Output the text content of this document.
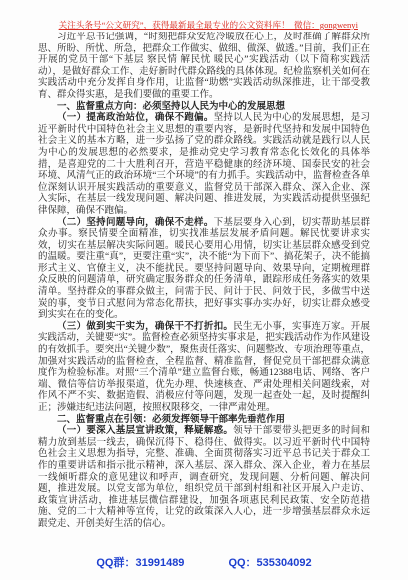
关注头条号“公文研究”，获得最新最全最专业的公文资料库！  微信：gongwenyi

习近平总书记强调，“时刻把群众安危冷暖放在心上，及时准确了解群众所思、所盼、所忧、所急，把群众工作做实、做细、做深、做透。”目前，我们正在开展的党员干部“下基层 察民情 解民忧 暖民心”实践活动（以下简称实践活动），是做好群众工作、走好新时代群众路线的具体体现。纪检监察机关如何在实践活动中充分发挥自身作用，让监督“助燃”实践活动纵深推进，让干部受教育、群众得实惠，是我们要做的重要工作。

一、监督重点方向：必须坚持以人民为中心的发展思想

（一）提高政治站位，确保不跑偏。坚持以人民为中心的发展思想，是习近平新时代中国特色社会主义思想的重要内容，是新时代坚持和发展中国特色社会主义的基本方略，进一步弘扬了党的群众路线。实践活动就是践行以人民为中心的发展思想的必然要求，是推动党史学习教育常态化长效化的具体举措，是喜迎党的二十大胜利召开，营造平稳健康的经济环境、国泰民安的社会环境、风清气正的政治环境“三个环境”的有力抓手。实践活动中，监督检查各单位深刻认识开展实践活动的重要意义，监督党员干部深入群众、深入企业、深入实际，在基层一线发现问题、解决问题、推进发展，为实践活动提供坚强纪律保障，确保不跑偏。

（二）坚持问题导向，确保不走样。下基层要身入心到，切实帮助基层群众办事。察民情要全面精准，切实找准基层发展矛盾问题。解民忧要讲求实效，切实在基层解决实际问题。暖民心要用心用情，切实让基层群众感受到党的温暖。要注重“真”，更要注重“实”，决不能“为下而下”、搞花架子，决不能搞形式主义、官僚主义，决不能扰民。要坚持问题导向、效果导向，定期梳理群众反映的问题清单，研究确定服务群众的任务清单，跟踪形成任务落实的效果清单。坚持群众的事群众做主，问需于民、问计于民、问效于民，多做雪中送炭的事，变节日式慰问为常态化帮扶，把好事实事办实办好，切实让群众感受到实实在在的变化。

（三）做到实干实为，确保干不打折扣。民生无小事，实事连万家。开展实践活动，关键要“实”。监督检查必须坚持实事求是，把实践活动作为作风建设的有效抓手。要突出“关键少数”，聚焦责任落实、问题整改、专项治理等重点，加强对实践活动的监督检查，全程监督、精准监督，督促党员干部把群众满意度作为检验标准。对照“三个清单”建立监督台账，畅通12388电话、网络、客户端、微信等信访举报渠道，优先办理、快速核查、严肃处理相关问题线索，对作风不严不实、数据造假、消极应付等问题，发现一起查处一起，及时提醒纠正；涉嫌违纪违法问题，按照权限移交，一律严肃处理。

二、监督重点在引领：必须发挥领导干部率先垂范作用

（一）要深入基层宣讲政策，释疑解惑。领导干部要带头把更多的时间和精力放到基层一线去，确保沉得下、稳得住、做得实。以习近平新时代中国特色社会主义思想为指导，完整、准确、全面贯彻落实习近平总书记关于群众工作的重要讲话和指示批示精神，深入基层、深入群众、深入企业，着力在基层一线倾听群众的意见建议和呼声，调查研究，发现问题、分析问题、解决问题，推进发展。以党支部为单位，组织党员干部到村组和社区开展入户走访、政策宣讲活动，推进基层微信群建设，加强各项惠民利民政策、安全防范措施、党的二十大精神等宣传，让党的政策深入人心，进一步增强基层群众永远跟党走、开创美好生活的信心。

QQ群：31991489	QQ：535304092
